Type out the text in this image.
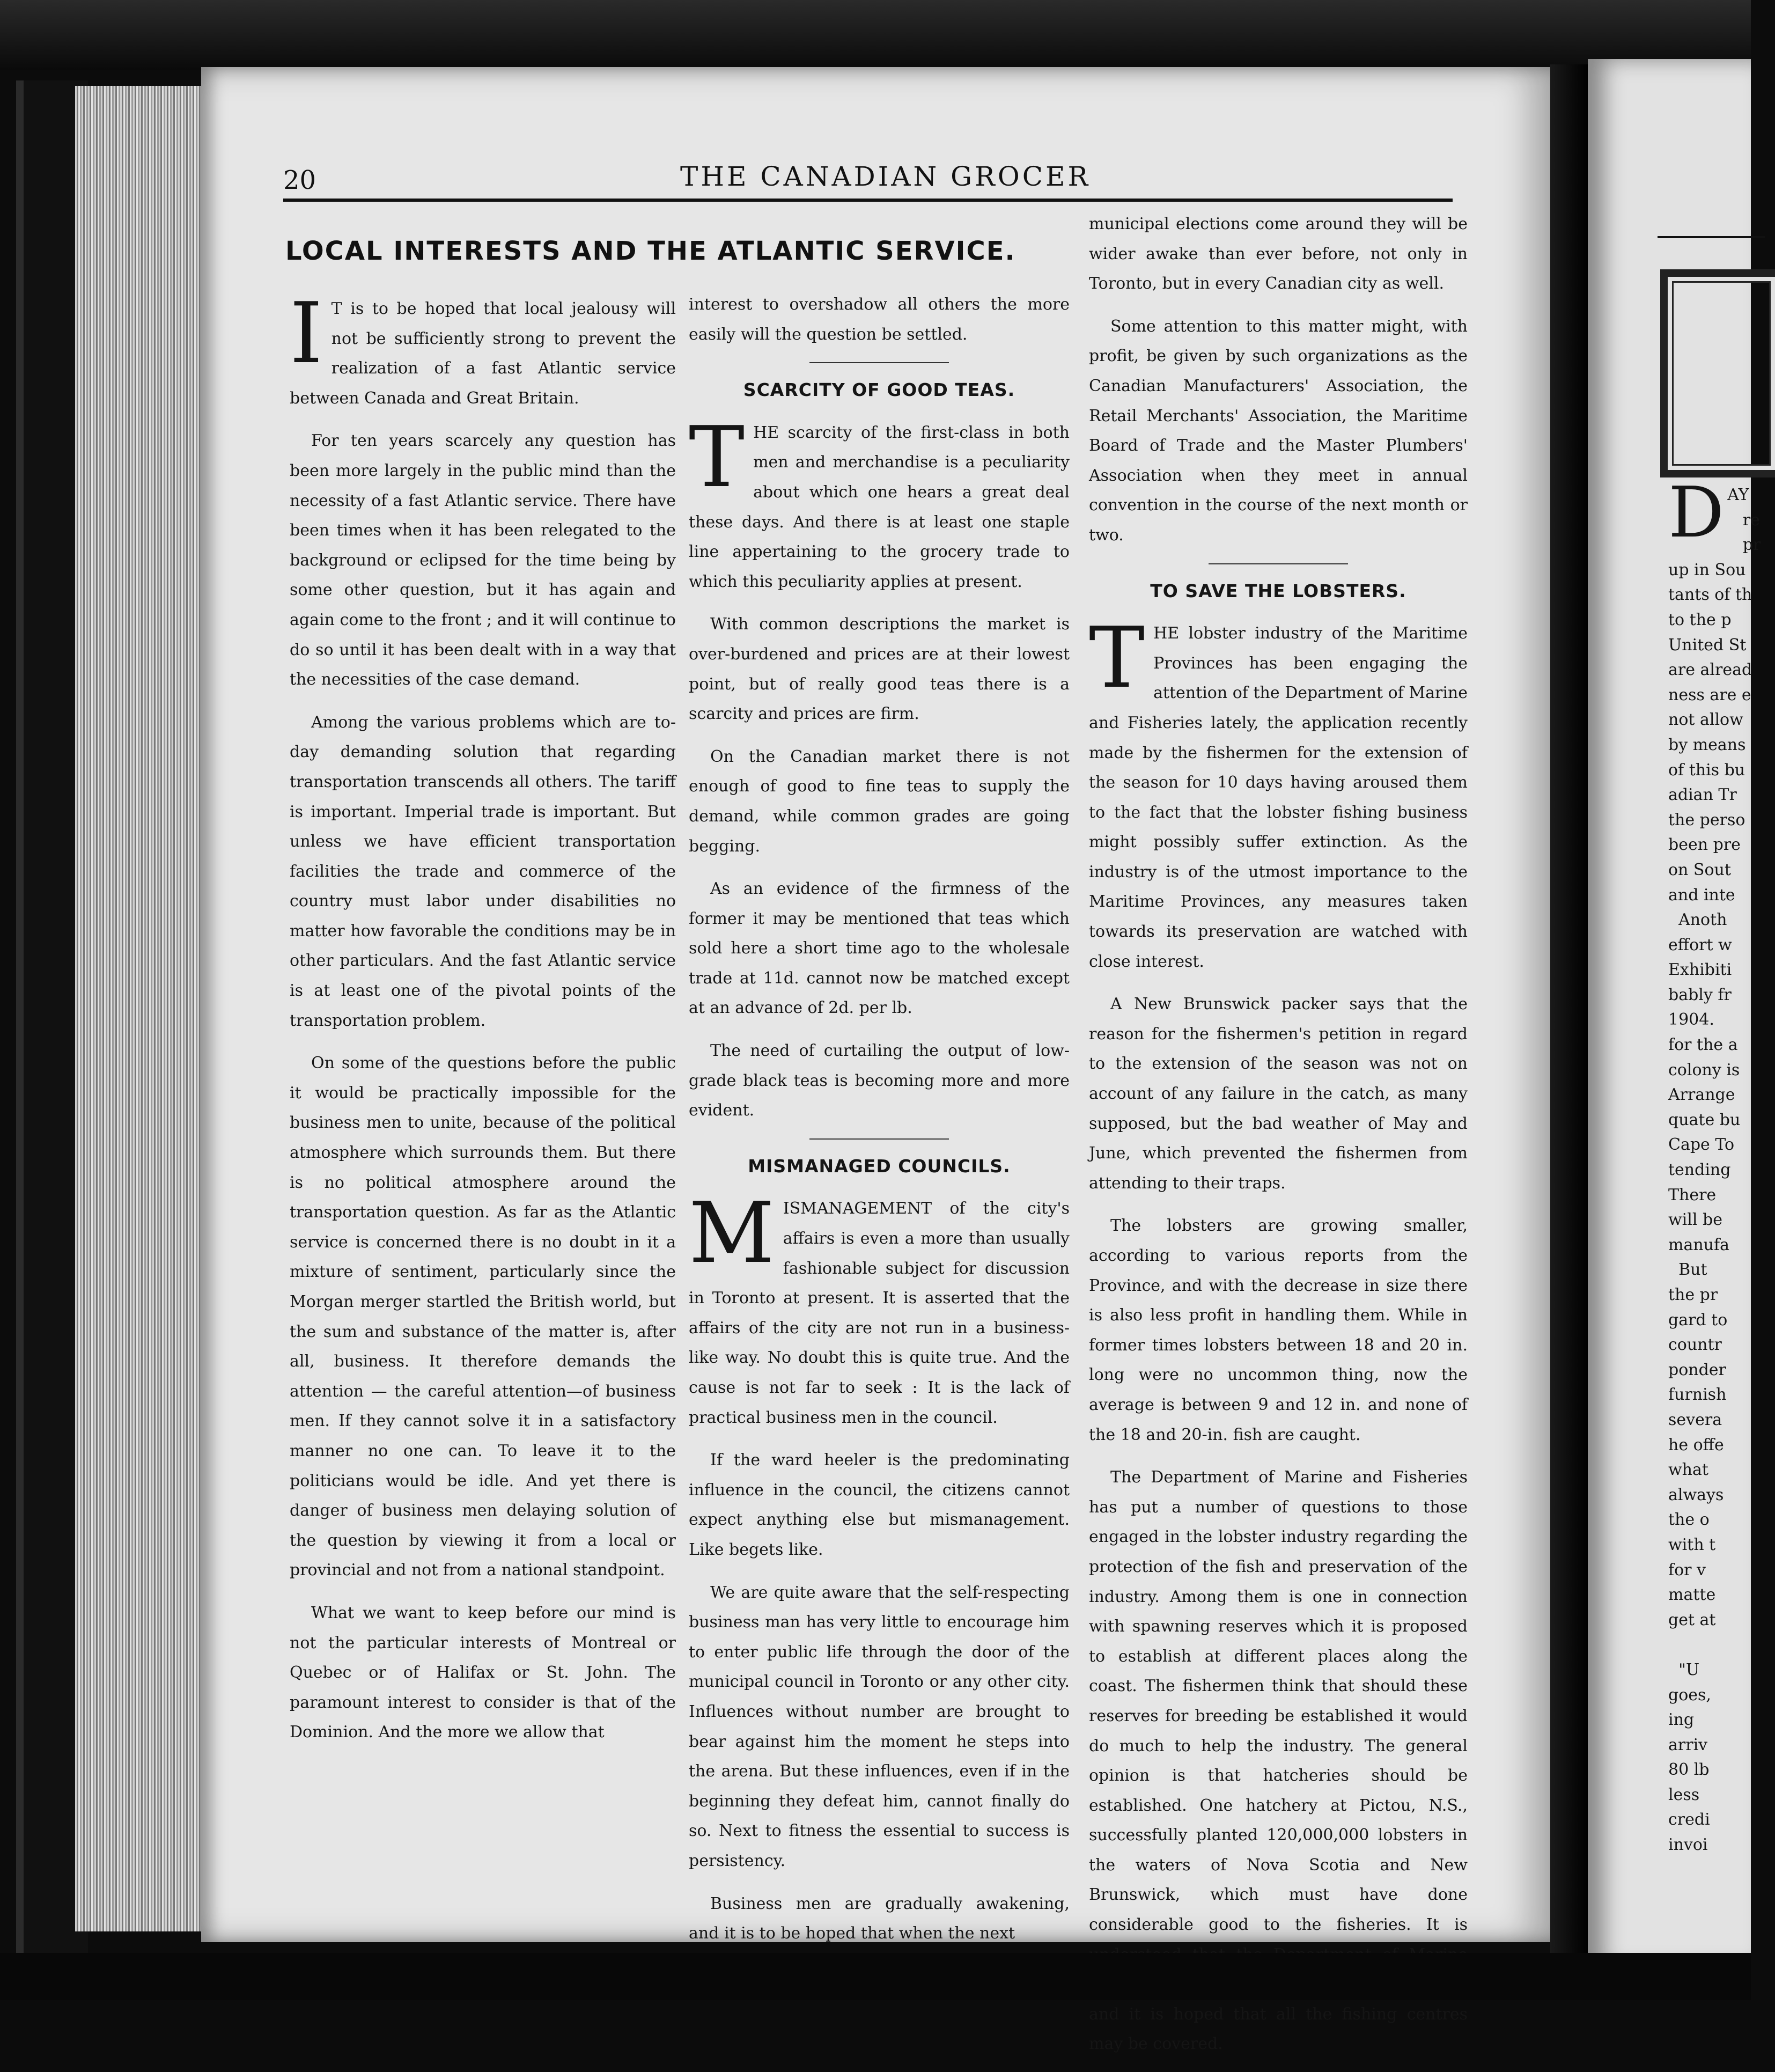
20	THE CANADIAN GROCER
LOCAL INTERESTS AND THE ATLANTIC SERVICE.

IT is to be hoped that local jealousy will not be sufficiently strong to prevent the realization of a fast Atlantic service between Canada and Great Britain.

For ten years scarcely any question has been more largely in the public mind than the necessity of a fast Atlantic service. There have been times when it has been relegated to the background or eclipsed for the time being by some other question, but it has again and again come to the front ; and it will continue to do so until it has been dealt with in a way that the necessities of the case demand.

Among the various problems which are to-day demanding solution that regarding transportation transcends all others. The tariff is important. Imperial trade is important. But unless we have efficient transportation facilities the trade and commerce of the country must labor under disabilities no matter how favorable the conditions may be in other particulars. And the fast Atlantic service is at least one of the pivotal points of the transportation problem.

On some of the questions before the public it would be practically impossible for the business men to unite, because of the political atmosphere which surrounds them. But there is no political atmosphere around the transportation question. As far as the Atlantic service is concerned there is no doubt in it a mixture of sentiment, particularly since the Morgan merger startled the British world, but the sum and substance of the matter is, after all, business. It therefore demands the attention — the careful attention—of business men. If they cannot solve it in a satisfactory manner no one can. To leave it to the politicians would be idle. And yet there is danger of business men delaying solution of the question by viewing it from a local or provincial and not from a national standpoint.

What we want to keep before our mind is not the particular interests of Montreal or Quebec or of Halifax or St. John. The paramount interest to consider is that of the Dominion. And the more we allow that

interest to overshadow all others the more easily will the question be settled.

SCARCITY OF GOOD TEAS.

THE scarcity of the first-class in both men and merchandise is a peculiarity about which one hears a great deal these days. And there is at least one staple line appertaining to the grocery trade to which this peculiarity applies at present.

With common descriptions the market is over-burdened and prices are at their lowest point, but of really good teas there is a scarcity and prices are firm.

On the Canadian market there is not enough of good to fine teas to supply the demand, while common grades are going begging.

As an evidence of the firmness of the former it may be mentioned that teas which sold here a short time ago to the wholesale trade at 11d. cannot now be matched except at an advance of 2d. per lb.

The need of curtailing the output of low-grade black teas is becoming more and more evident.

MISMANAGED COUNCILS.

MISMANAGEMENT of the city's affairs is even a more than usually fashionable subject for discussion in Toronto at present. It is asserted that the affairs of the city are not run in a business-like way. No doubt this is quite true. And the cause is not far to seek : It is the lack of practical business men in the council.

If the ward heeler is the predominating influence in the council, the citizens cannot expect anything else but mismanagement. Like begets like.

We are quite aware that the self-respecting business man has very little to encourage him to enter public life through the door of the municipal council in Toronto or any other city. Influences without number are brought to bear against him the moment he steps into the arena. But these influences, even if in the beginning they defeat him, cannot finally do so. Next to fitness the essential to success is persistency.

Business men are gradually awakening, and it is to be hoped that when the next

municipal elections come around they will be wider awake than ever before, not only in Toronto, but in every Canadian city as well.

Some attention to this matter might, with profit, be given by such organizations as the Canadian Manufacturers' Association, the Retail Merchants' Association, the Maritime Board of Trade and the Master Plumbers' Association when they meet in annual convention in the course of the next month or two.

TO SAVE THE LOBSTERS.

THE lobster industry of the Maritime Provinces has been engaging the attention of the Department of Marine and Fisheries lately, the application recently made by the fishermen for the extension of the season for 10 days having aroused them to the fact that the lobster fishing business might possibly suffer extinction. As the industry is of the utmost importance to the Maritime Provinces, any measures taken towards its preservation are watched with close interest.

A New Brunswick packer says that the reason for the fishermen's petition in regard to the extension of the season was not on account of any failure in the catch, as many supposed, but the bad weather of May and June, which prevented the fishermen from attending to their traps.

The lobsters are growing smaller, according to various reports from the Province, and with the decrease in size there is also less profit in handling them. While in former times lobsters between 18 and 20 in. long were no uncommon thing, now the average is between 9 and 12 in. and none of the 18 and 20-in. fish are caught.

The Department of Marine and Fisheries has put a number of questions to those engaged in the lobster industry regarding the protection of the fish and preservation of the industry. Among them is one in connection with spawning reserves which it is proposed to establish at different places along the coast. The fishermen think that should these reserves for breeding be established it would do much to help the industry. The general opinion is that hatcheries should be established. One hatchery at Pictou, N.S., successfully planted 120,000,000 lobsters in the waters of Nova Scotia and New Brunswick, which must have done considerable good to the fisheries. It is and it is hoped that all the fishing centres may be covered.

DAY
re
pr
up in Sou
tants of th
to the p
United St
are alread
ness are e
not allow
by means
of this bu
adian Tr
the perso
been pre
on Sout
and inte
Anoth
effort w
Exhibiti
bably fr
1904.
for the a
colony is
Arrange
quate bu
Cape To
tending
There
will be
manufa
But
the pr
gard to
countr
ponder
furnish
severa
he offe
what
always
the o
with t
for v
matte
get at

"U
goes,
ing
arriv
80 lb
less
credi
invoi
